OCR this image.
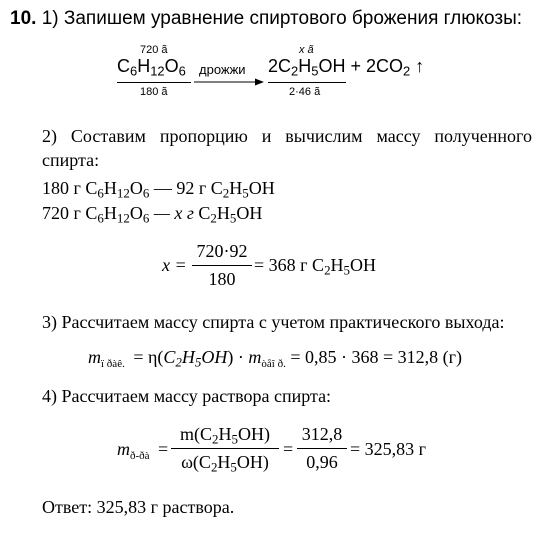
10. 1) Запишем уравнение спиртового брожения глюкозы:
720 ã
$C_6H_{12}O_6$
180 ã
дрожжи
x ã
$2C_2H_5OH + 2CO_2$ ↑
2·46 ã
2) Составим пропорцию и вычислим массу полученного спирта:
180 г $C_6H_{12}O_6$ — 92 г $C_2H_5OH$
720 г $C_6H_{12}O_6$ — x г $C_2H_5OH$
x =
720·92
180
= 368 г $C_2H_5OH$
3) Рассчитаем массу спирта с учетом практического выхода:
$m_{ï ðàê.} = \eta(C_2H_5OH) \cdot m_{òåî ð.} = 0,85 \cdot 368 = 312,8$ (г)
4) Рассчитаем массу раствора спирта:
$m_{ð-ðà}$ =
$m(C_2H_5OH)$
$\omega(C_2H_5OH)$
=
312,8
0,96
= 325,83 г
Ответ: 325,83 г раствора.
